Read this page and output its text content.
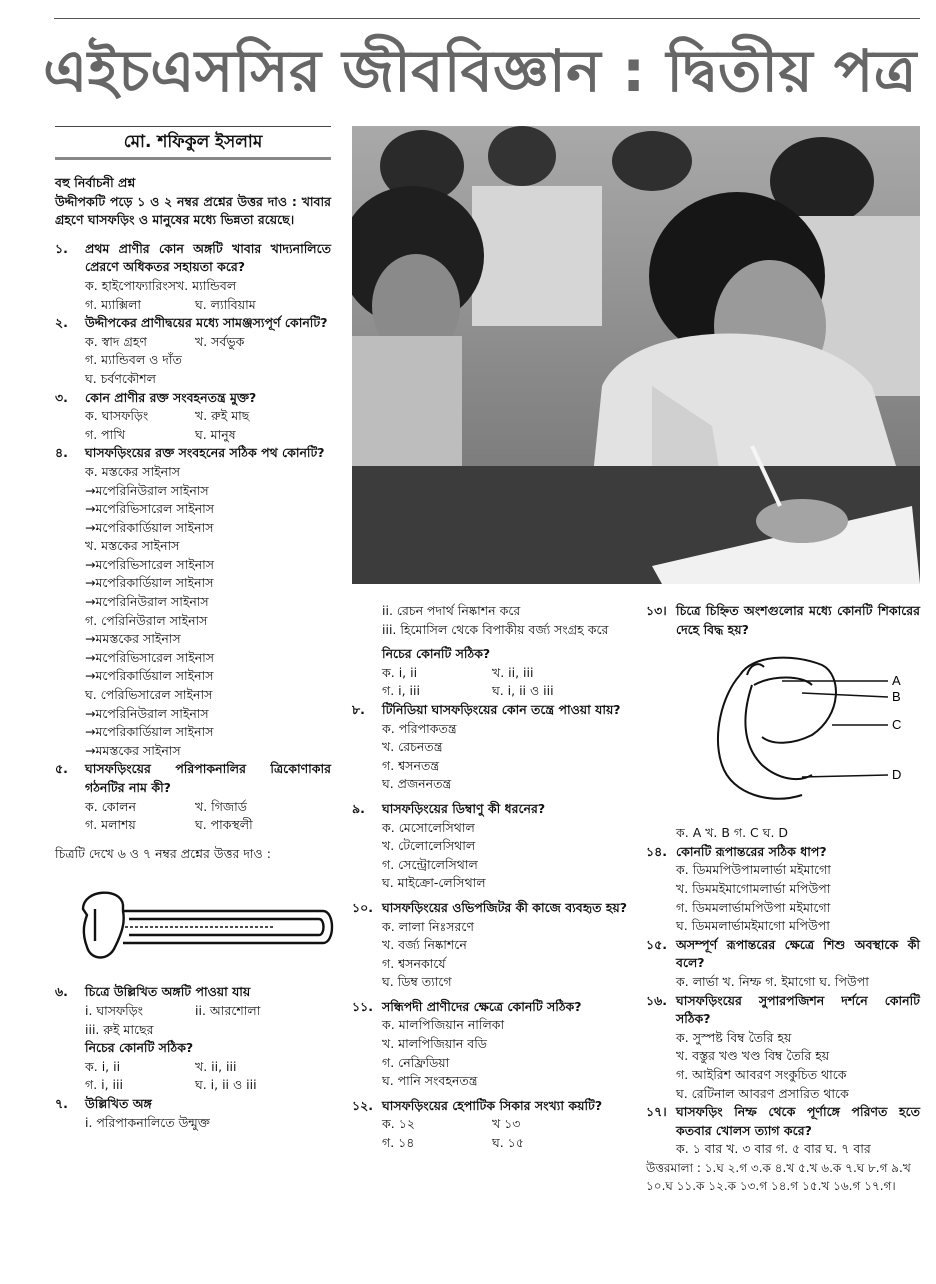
এইচএসসির জীববিজ্ঞান : দ্বিতীয় পত্র
মো. শফিকুল ইসলাম

বহু নির্বাচনী প্রশ্ন

উদ্দীপকটি পড়ে ১ ও ২ নম্বর প্রশ্নের উত্তর দাও : খাবার গ্রহণে ঘাসফড়িং ও মানুষের মধ্যে ভিন্নতা রয়েছে।

১.	প্রথম প্রাণীর কোন অঙ্গটি খাবার খাদ্যনালিতে প্রেরণে অধিকতর সহায়তা করে?
ক. হাইপোফ্যারিংস খ. ম্যান্ডিবল
গ. ম্যাক্সিলা	ঘ. ল্যাবিয়াম
২.	উদ্দীপকের প্রাণীদ্বয়ের মধ্যে সামঞ্জস্যপূর্ণ কোনটি?
ক. স্বাদ গ্রহণ	খ. সর্বভুক
গ. ম্যান্ডিবল ও দাঁত
ঘ. চর্বণকৌশল
৩.	কোন প্রাণীর রক্ত সংবহনতন্ত্র মুক্ত?
ক. ঘাসফড়িং	খ. রুই মাছ
গ. পাখি	ঘ. মানুষ
৪.	ঘাসফড়িংয়ের রক্ত সংবহনের সঠিক পথ কোনটি?
ক. মস্তকের সাইনাস
→মপেরিনিউরাল সাইনাস
→মপেরিভিসারেল সাইনাস
→মপেরিকার্ডিয়াল সাইনাস
খ. মস্তকের সাইনাস
→মপেরিভিসারেল সাইনাস
→মপেরিকার্ডিয়াল সাইনাস
→মপেরিনিউরাল সাইনাস
গ. পেরিনিউরাল সাইনাস
→মমস্তকের সাইনাস
→মপেরিভিসারেল সাইনাস
→মপেরিকার্ডিয়াল সাইনাস
ঘ. পেরিভিসারেল সাইনাস
→মপেরিনিউরাল সাইনাস
→মপেরিকার্ডিয়াল সাইনাস
→মমস্তকের সাইনাস
৫.	ঘাসফড়িংয়ের পরিপাকনালির ত্রিকোণাকার গঠনটির নাম কী?
ক. কোলন	খ. গিজার্ড
গ. মলাশয়	ঘ. পাকস্থলী

চিত্রটি দেখে ৬ ও ৭ নম্বর প্রশ্নের উত্তর দাও :

৬.	চিত্রে উল্লিখিত অঙ্গটি পাওয়া যায়
i. ঘাসফড়িং	ii. আরশোলা
iii. রুই মাছের
নিচের কোনটি সঠিক?
ক. i, ii	খ. ii, iii
গ. i, iii	ঘ. i, ii ও iii
৭.	উল্লিখিত অঙ্গ
i. পরিপাকনালিতে উন্মুক্ত
ii. রেচন পদার্থ নিষ্কাশন করে
iii. হিমোসিল থেকে বিপাকীয় বর্জ্য সংগ্রহ করে
নিচের কোনটি সঠিক?
ক. i, ii	খ. ii, iii
গ. i, iii	ঘ. i, ii ও iii
৮.	টিনিডিয়া ঘাসফড়িংয়ের কোন তন্ত্রে পাওয়া যায়?
ক. পরিপাকতন্ত্র
খ. রেচনতন্ত্র
গ. শ্বসনতন্ত্র
ঘ. প্রজননতন্ত্র
৯.	ঘাসফড়িংয়ের ডিম্বাণু কী ধরনের?
ক. মেসোলেসিথাল
খ. টেলোলেসিথাল
গ. সেন্ট্রোলেসিথাল
ঘ. মাইক্রো-লেসিথাল
১০. ঘাসফড়িংয়ের ওভিপজিটর কী কাজে ব্যবহৃত হয়?
ক. লালা নিঃসরণে
খ. বর্জ্য নিষ্কাশনে
গ. শ্বসনকার্যে
ঘ. ডিম্ব ত্যাগে
১১. সন্ধিপদী প্রাণীদের ক্ষেত্রে কোনটি সঠিক?
ক. মালপিজিয়ান নালিকা
খ. মালপিজিয়ান বডি
গ. নেফ্রিডিয়া
ঘ. পানি সংবহনতন্ত্র
১২. ঘাসফড়িংয়ের হেপাটিক সিকার সংখ্যা কয়টি?
ক. ১২	খ ১৩
গ. ১৪	ঘ. ১৫
১৩। চিত্রে চিহ্নিত অংশগুলোর মধ্যে কোনটি শিকারের দেহে বিদ্ধ হয়?
A
B
C
D
ক. A খ. B গ. C ঘ. D
১৪. কোনটি রূপান্তরের সঠিক ধাপ?
ক. ডিমমপিউপামলার্ভা মইমাগো
খ. ডিমমইমাগোমলার্ভা মপিউপা
গ. ডিমমলার্ভামপিউপা মইমাগো
ঘ. ডিমমলার্ভামইমাগো মপিউপা
১৫. অসম্পূর্ণ রূপান্তরের ক্ষেত্রে শিশু অবস্থাকে কী বলে?
ক. লার্ভা খ. নিম্ফ গ. ইমাগো ঘ. পিউপা
১৬. ঘাসফড়িংয়ের সুপারপজিশন দর্শনে কোনটি সঠিক?
ক. সুস্পষ্ট বিম্ব তৈরি হয়
খ. বস্তুর খণ্ড খণ্ড বিম্ব তৈরি হয়
গ. আইরিশ আবরণ সংকুচিত থাকে
ঘ. রেটিনাল আবরণ প্রসারিত থাকে
১৭। ঘাসফড়িং নিম্ফ থেকে পূর্ণাঙ্গে পরিণত হতে কতবার খোলস ত্যাগ করে?
ক. ১ বার খ. ৩ বার গ. ৫ বার ঘ. ৭ বার

উত্তরমালা : ১.ঘ ২.গ ৩.ক ৪.খ ৫.খ ৬.ক ৭.ঘ ৮.গ ৯.খ ১০.ঘ ১১.ক ১২.ক ১৩.গ ১৪.গ ১৫.খ ১৬.গ ১৭.গ।
